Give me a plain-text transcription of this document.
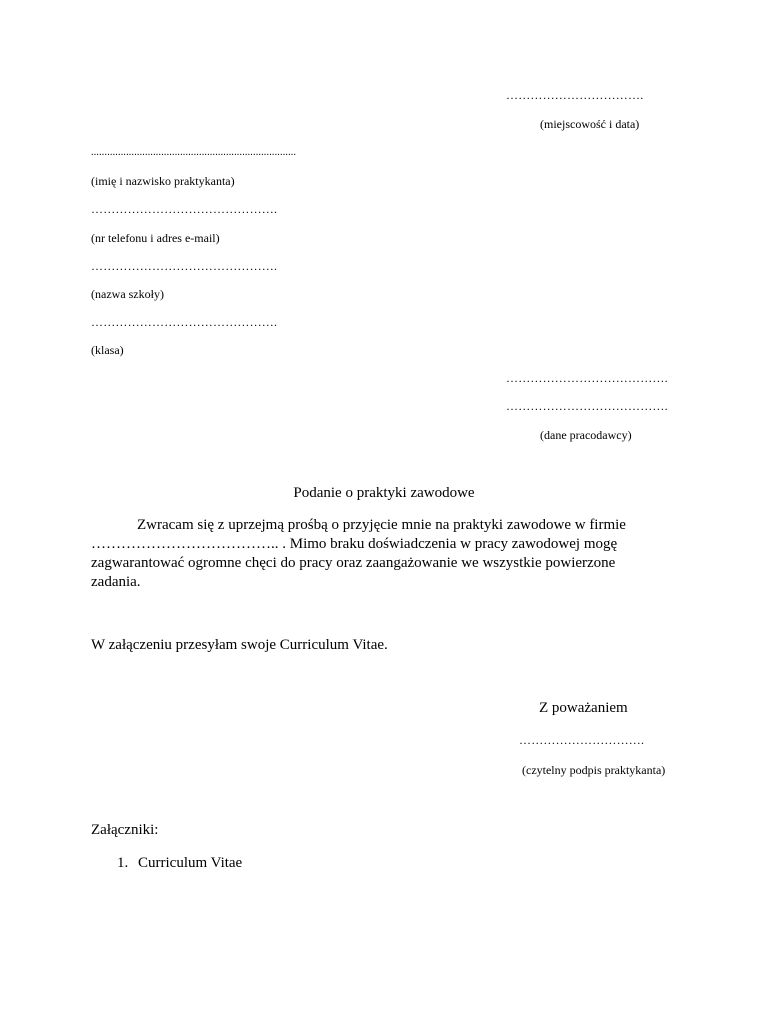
…………………………….
(miejscowość i data)
............................................................................
(imię i nazwisko praktykanta)
……………………………………….
(nr telefonu i adres e-mail)
……………………………………….
(nazwa szkoły)
……………………………………….
(klasa)
………………………………….
………………………………….
(dane pracodawcy)
Podanie o praktyki zawodowe
Zwracam się z uprzejmą prośbą o przyjęcie mnie na praktyki zawodowe w firmie
……………………………….. . Mimo braku doświadczenia w pracy zawodowej mogę
zagwarantować ogromne chęci do pracy oraz zaangażowanie we wszystkie powierzone
zadania.
W załączeniu przesyłam swoje Curriculum Vitae.
Z poważaniem
………………………….
(czytelny podpis praktykanta)
Załączniki:
1. Curriculum Vitae
